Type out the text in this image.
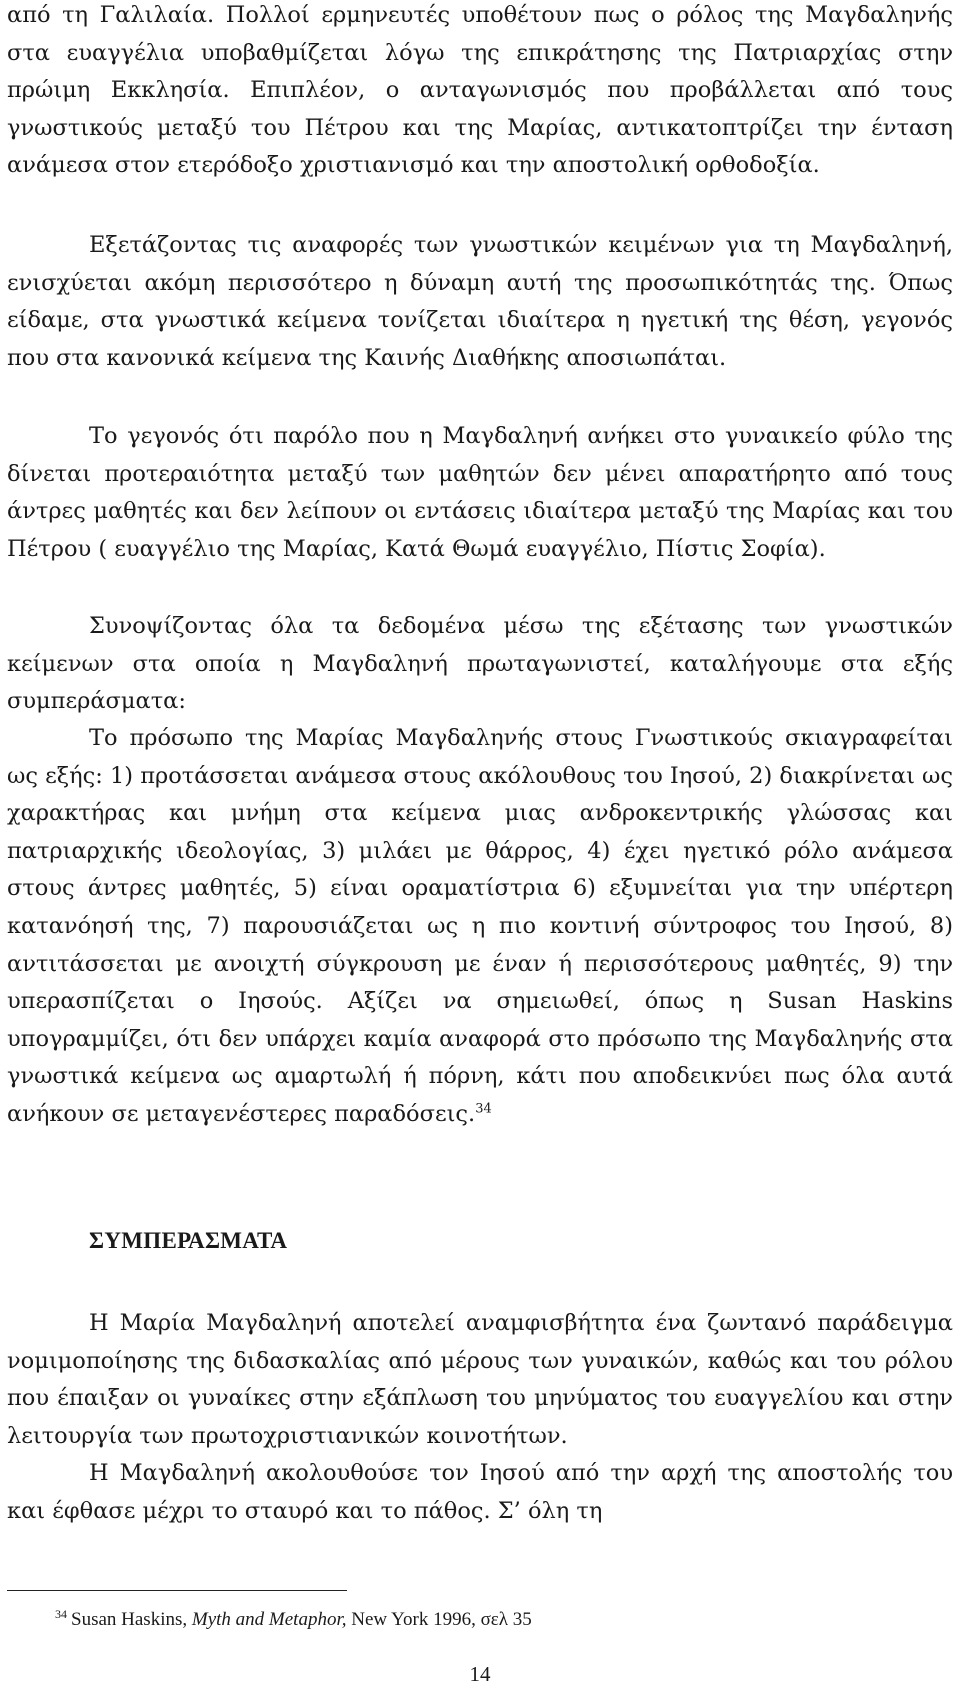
από τη Γαλιλαία. Πολλοί ερμηνευτές υποθέτουν πως ο ρόλος της Μαγδαληνής στα ευαγγέλια υποβαθμίζεται λόγω της επικράτησης της Πατριαρχίας στην πρώιμη Εκκλησία. Επιπλέον, ο ανταγωνισμός που προβάλλεται από τους γνωστικούς μεταξύ του Πέτρου και της Μαρίας, αντικατοπτρίζει την ένταση ανάμεσα στον ετερόδοξο χριστιανισμό και την αποστολική ορθοδοξία.

Εξετάζοντας τις αναφορές των γνωστικών κειμένων για τη Μαγδαληνή, ενισχύεται ακόμη περισσότερο η δύναμη αυτή της προσωπικότητάς της. Όπως είδαμε, στα γνωστικά κείμενα τονίζεται ιδιαίτερα η ηγετική της θέση, γεγονός που στα κανονικά κείμενα της Καινής Διαθήκης αποσιωπάται.

Το γεγονός ότι παρόλο που η Μαγδαληνή ανήκει στο γυναικείο φύλο της δίνεται προτεραιότητα μεταξύ των μαθητών δεν μένει απαρατήρητο από τους άντρες μαθητές και δεν λείπουν οι εντάσεις ιδιαίτερα μεταξύ της Μαρίας και του Πέτρου ( ευαγγέλιο της Μαρίας, Κατά Θωμά ευαγγέλιο, Πίστις Σοφία).

Συνοψίζοντας όλα τα δεδομένα μέσω της εξέτασης των γνωστικών κείμενων στα οποία η Μαγδαληνή πρωταγωνιστεί, καταλήγουμε στα εξής συμπεράσματα:

Το πρόσωπο της Μαρίας Μαγδαληνής στους Γνωστικούς σκιαγραφείται ως εξής: 1) προτάσσεται ανάμεσα στους ακόλουθους του Ιησού, 2) διακρίνεται ως χαρακτήρας και μνήμη στα κείμενα μιας ανδροκεντρικής γλώσσας και πατριαρχικής ιδεολογίας, 3) μιλάει με θάρρος, 4) έχει ηγετικό ρόλο ανάμεσα στους άντρες μαθητές, 5) είναι οραματίστρια 6) εξυμνείται για την υπέρτερη κατανόησή της, 7) παρουσιάζεται ως η πιο κοντινή σύντροφος του Ιησού, 8) αντιτάσσεται με ανοιχτή σύγκρουση με έναν ή περισσότερους μαθητές, 9) την υπερασπίζεται ο Ιησούς. Αξίζει να σημειωθεί, όπως η Susan Haskins υπογραμμίζει, ότι δεν υπάρχει καμία αναφορά στο πρόσωπο της Μαγδαληνής στα γνωστικά κείμενα ως αμαρτωλή ή πόρνη, κάτι που αποδεικνύει πως όλα αυτά ανήκουν σε μεταγενέστερες παραδόσεις.$^{34}$

ΣΥΜΠΕΡΑΣΜΑΤΑ

Η Μαρία Μαγδαληνή αποτελεί αναμφισβήτητα ένα ζωντανό παράδειγμα νομιμοποίησης της διδασκαλίας από μέρους των γυναικών, καθώς και του ρόλου που έπαιξαν οι γυναίκες στην εξάπλωση του μηνύματος του ευαγγελίου και στην λειτουργία των πρωτοχριστιανικών κοινοτήτων.

Η Μαγδαληνή ακολουθούσε τον Ιησού από την αρχή της αποστολής του και έφθασε μέχρι το σταυρό και το πάθος. Σ’ όλη τη

$^{34}$ Susan Haskins, Myth and Metaphor, New York 1996, σελ 35

14
